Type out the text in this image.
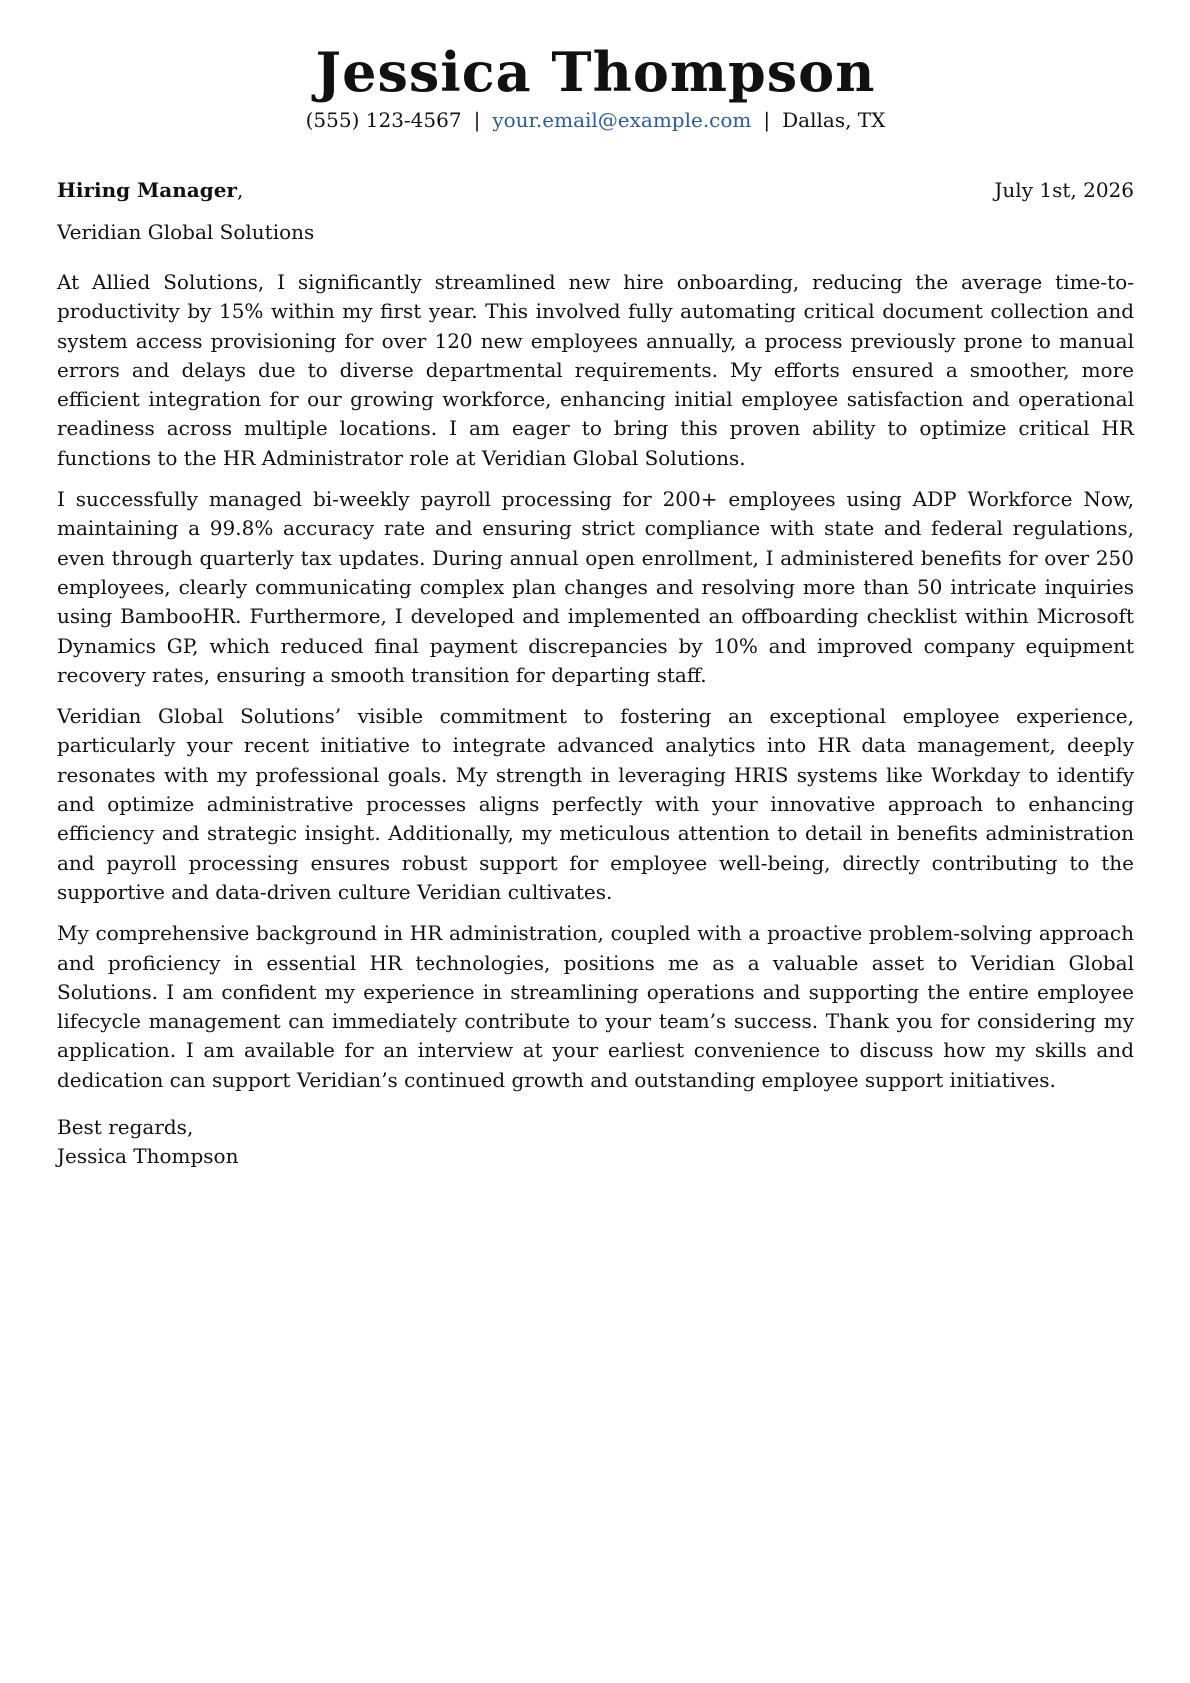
Jessica Thompson
(555) 123-4567 | your.email@example.com | Dallas, TX
Hiring Manager,	July 1st, 2026
Veridian Global Solutions

At Allied Solutions, I significantly streamlined new hire onboarding, reducing the average time-to-productivity by 15% within my first year. This involved fully automating critical document collection and system access provisioning for over 120 new employees annually, a process previously prone to manual errors and delays due to diverse departmental requirements. My efforts ensured a smoother, more efficient integration for our growing workforce, enhancing initial employee satisfaction and operational readiness across multiple locations. I am eager to bring this proven ability to optimize critical HR functions to the HR Administrator role at Veridian Global Solutions.

I successfully managed bi-weekly payroll processing for 200+ employees using ADP Workforce Now, maintaining a 99.8% accuracy rate and ensuring strict compliance with state and federal regulations, even through quarterly tax updates. During annual open enrollment, I administered benefits for over 250 employees, clearly communicating complex plan changes and resolving more than 50 intricate inquiries using BambooHR. Furthermore, I developed and implemented an offboarding checklist within Microsoft Dynamics GP, which reduced final payment discrepancies by 10% and improved company equipment recovery rates, ensuring a smooth transition for departing staff.

Veridian Global Solutions’ visible commitment to fostering an exceptional employee experience, particularly your recent initiative to integrate advanced analytics into HR data management, deeply resonates with my professional goals. My strength in leveraging HRIS systems like Workday to identify and optimize administrative processes aligns perfectly with your innovative approach to enhancing efficiency and strategic insight. Additionally, my meticulous attention to detail in benefits administration and payroll processing ensures robust support for employee well-being, directly contributing to the supportive and data-driven culture Veridian cultivates.

My comprehensive background in HR administration, coupled with a proactive problem-solving approach and proficiency in essential HR technologies, positions me as a valuable asset to Veridian Global Solutions. I am confident my experience in streamlining operations and supporting the entire employee lifecycle management can immediately contribute to your team’s success. Thank you for considering my application. I am available for an interview at your earliest convenience to discuss how my skills and dedication can support Veridian’s continued growth and outstanding employee support initiatives.

Best regards,
Jessica Thompson
